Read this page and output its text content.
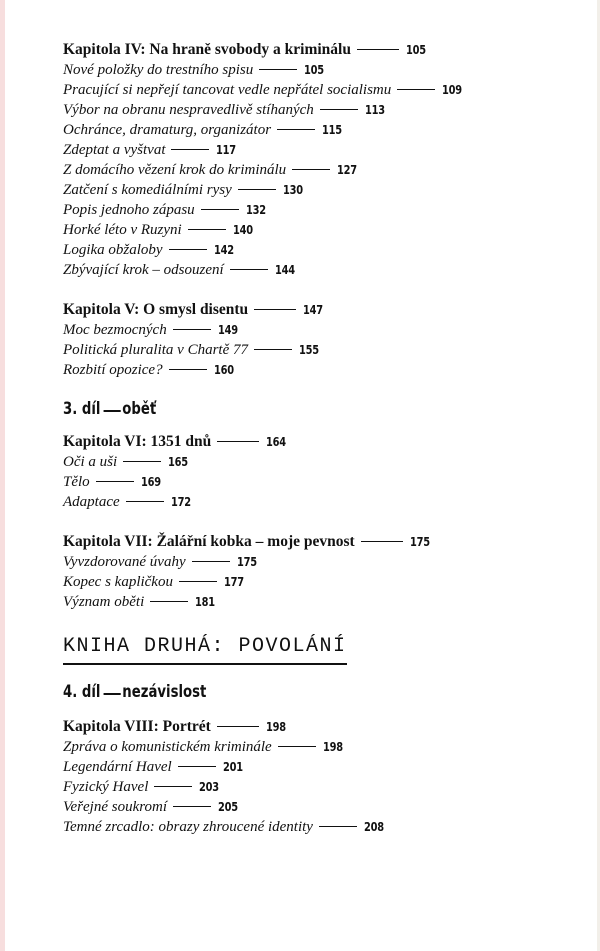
Kapitola IV: Na hraně svobody a kriminálu	105
Nové položky do trestního spisu	105
Pracující si nepřejí tancovat vedle nepřátel socialismu	109
Výbor na obranu nespravedlivě stíhaných	113
Ochránce, dramaturg, organizátor	115
Zdeptat a vyštvat	117
Z domácího vězení krok do kriminálu	127
Zatčení s komediálními rysy	130
Popis jednoho zápasu	132
Horké léto v Ruzyni	140
Logika obžaloby	142
Zbývající krok – odsouzení	144
Kapitola V: O smysl disentu	147
Moc bezmocných	149
Politická pluralita v Chartě 77	155
Rozbití opozice?	160
3. díl oběť
Kapitola VI: 1351 dnů	164
Oči a uši	165
Tělo	169
Adaptace	172
Kapitola VII: Žalářní kobka – moje pevnost	175
Vyvzdorované úvahy	175
Kopec s kapličkou	177
Význam oběti	181
KNIHA DRUHÁ: POVOLÁNÍ
4. díl nezávislost
Kapitola VIII: Portrét	198
Zpráva o komunistickém kriminále	198
Legendární Havel	201
Fyzický Havel	203
Veřejné soukromí	205
Temné zrcadlo: obrazy zhroucené identity	208
